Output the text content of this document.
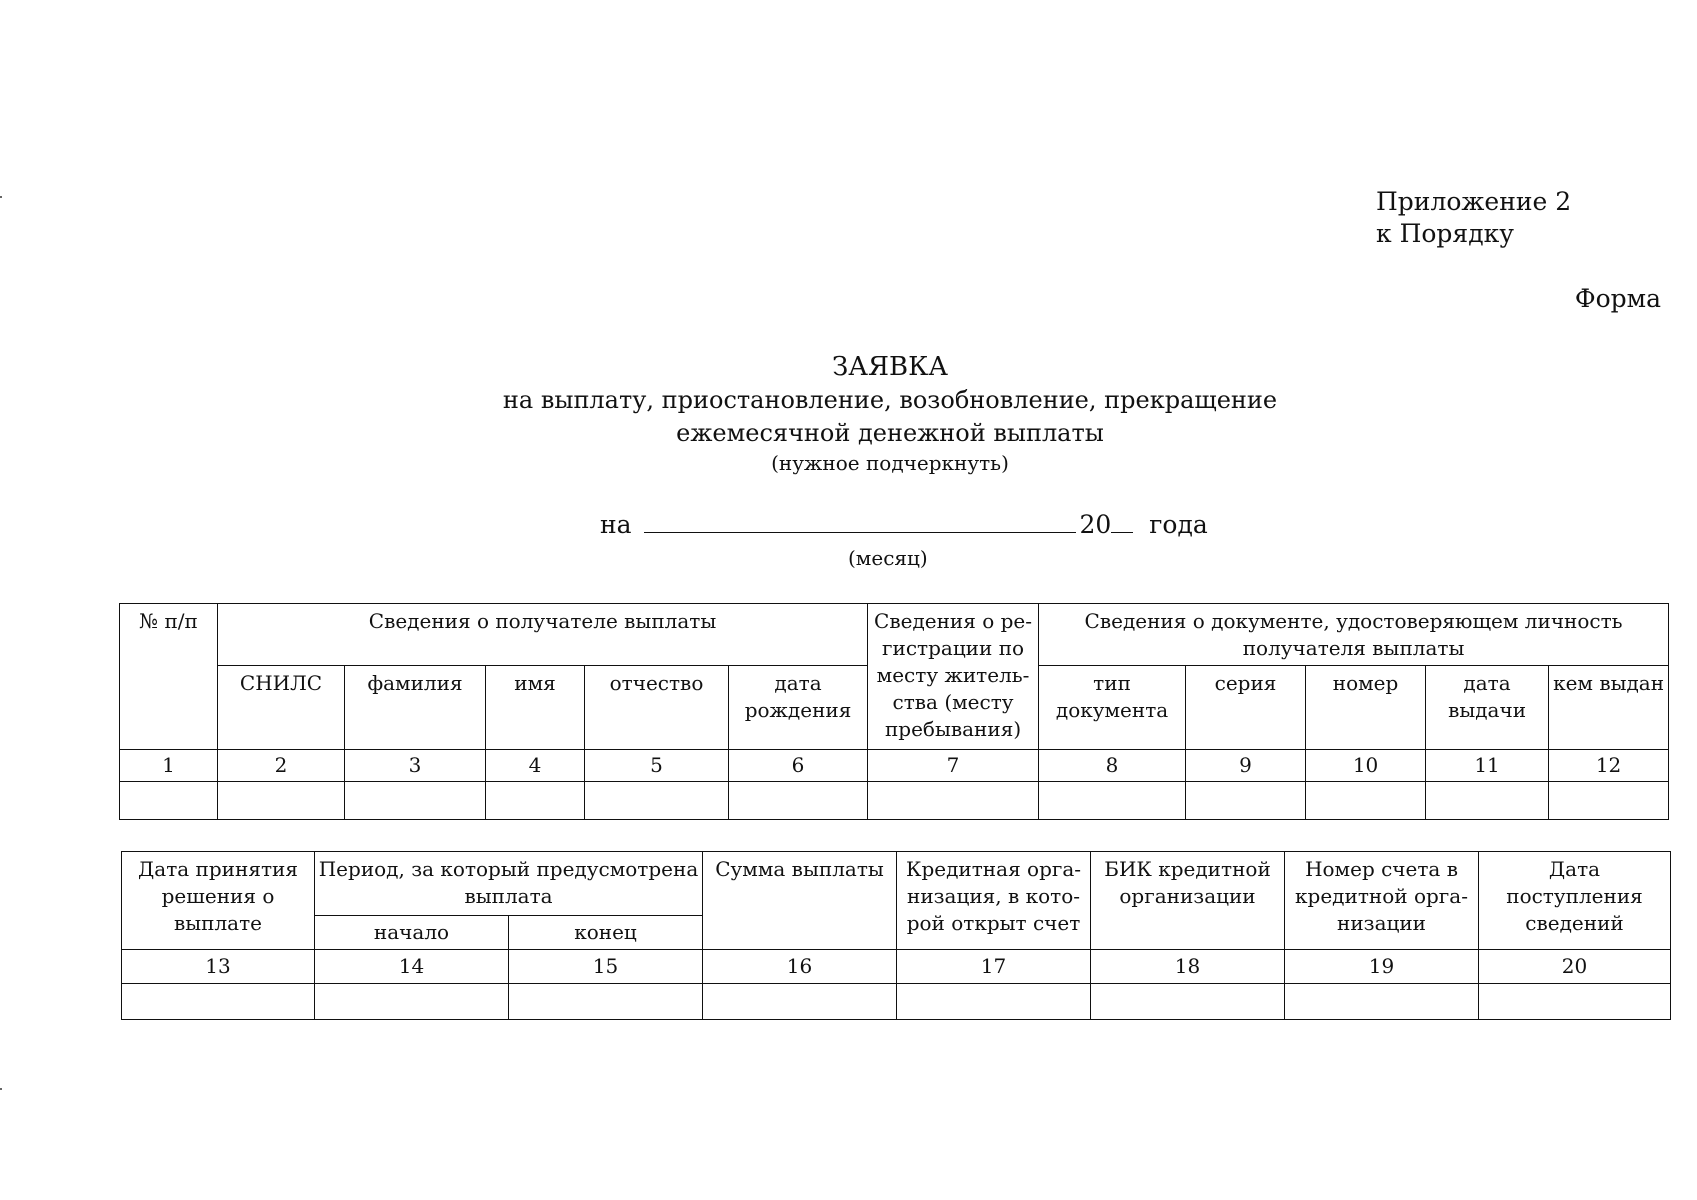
Приложение 2
к Порядку
Форма
ЗАЯВКА
на выплату, приостановление, возобновление, прекращение
ежемесячной денежной выплаты
(нужное подчеркнуть)
на	20 года
(месяц)
№ п/п	Сведения о получателе выплаты					Сведения о ре- гистрации по месту житель- ства (месту пребывания)	Сведения о документе, удостоверяющем личность получателя выплаты				
	СНИЛС	фамилия	имя	отчество	дата рождения		тип документа	серия	номер	дата выдачи	кем выдан
1	2	3	4	5	6	7	8	9	10	11	12

Дата принятия решения о выплате	Период, за который предусмотрена выплата		Сумма выплаты	Кредитная орга- низация, в кото- рой открыт счет	БИК кредитной организации	Номер счета в кредитной орга- низации	Дата поступления сведений
	начало	конец					
13	14	15	16	17	18	19	20
